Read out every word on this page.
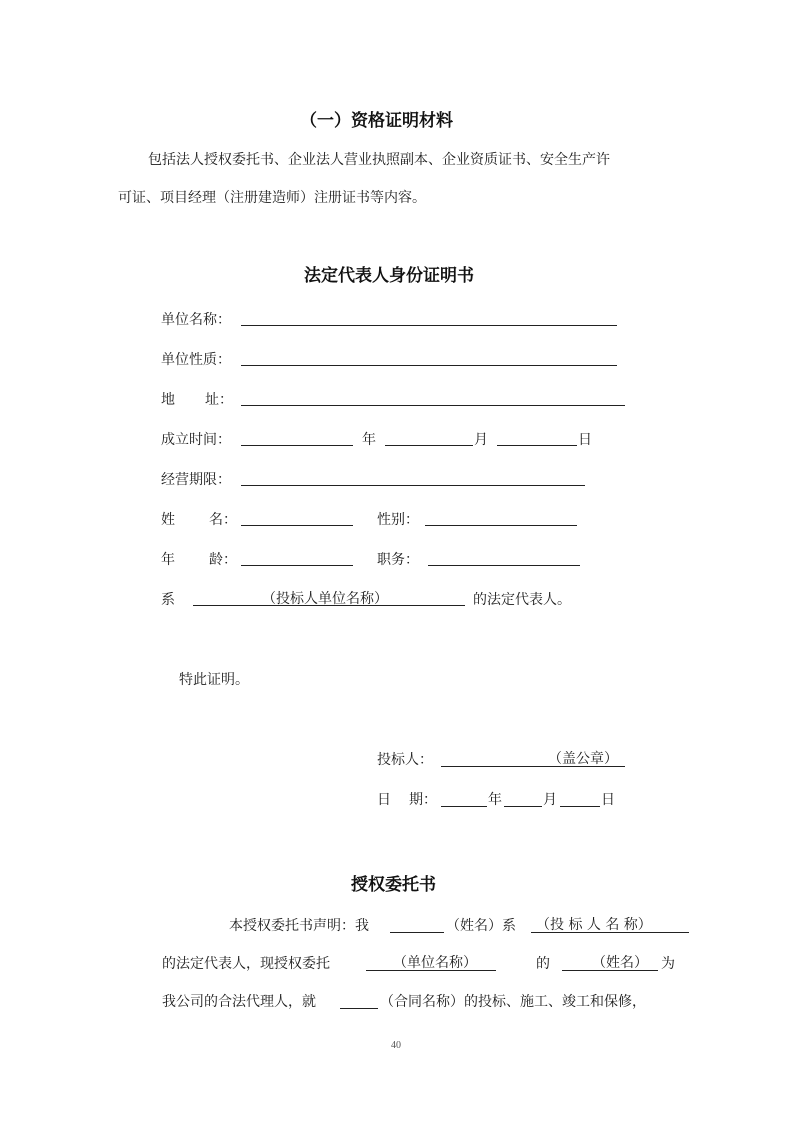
（一）资格证明材料
包括法人授权委托书、企业法人营业执照副本、企业资质证书、安全生产许
可证、项目经理（注册建造师）注册证书等内容。
法定代表人身份证明书
单位名称：
单位性质：
地 址：
成立时间：	年	月	日
经营期限：
姓 名：	性别：
年 龄：	职务：
系	（投标人单位名称）	的法定代表人。
特此证明。
投标人：	（盖公章）
日 期：	年	月	日
授权委托书
本授权委托书声明：我	（姓名）系 （投 标 人 名 称）
的法定代表人，现授权委托	（单位名称）	的	（姓名） 为
我公司的合法代理人，就	（合同名称）的投标、施工、竣工和保修，
40
